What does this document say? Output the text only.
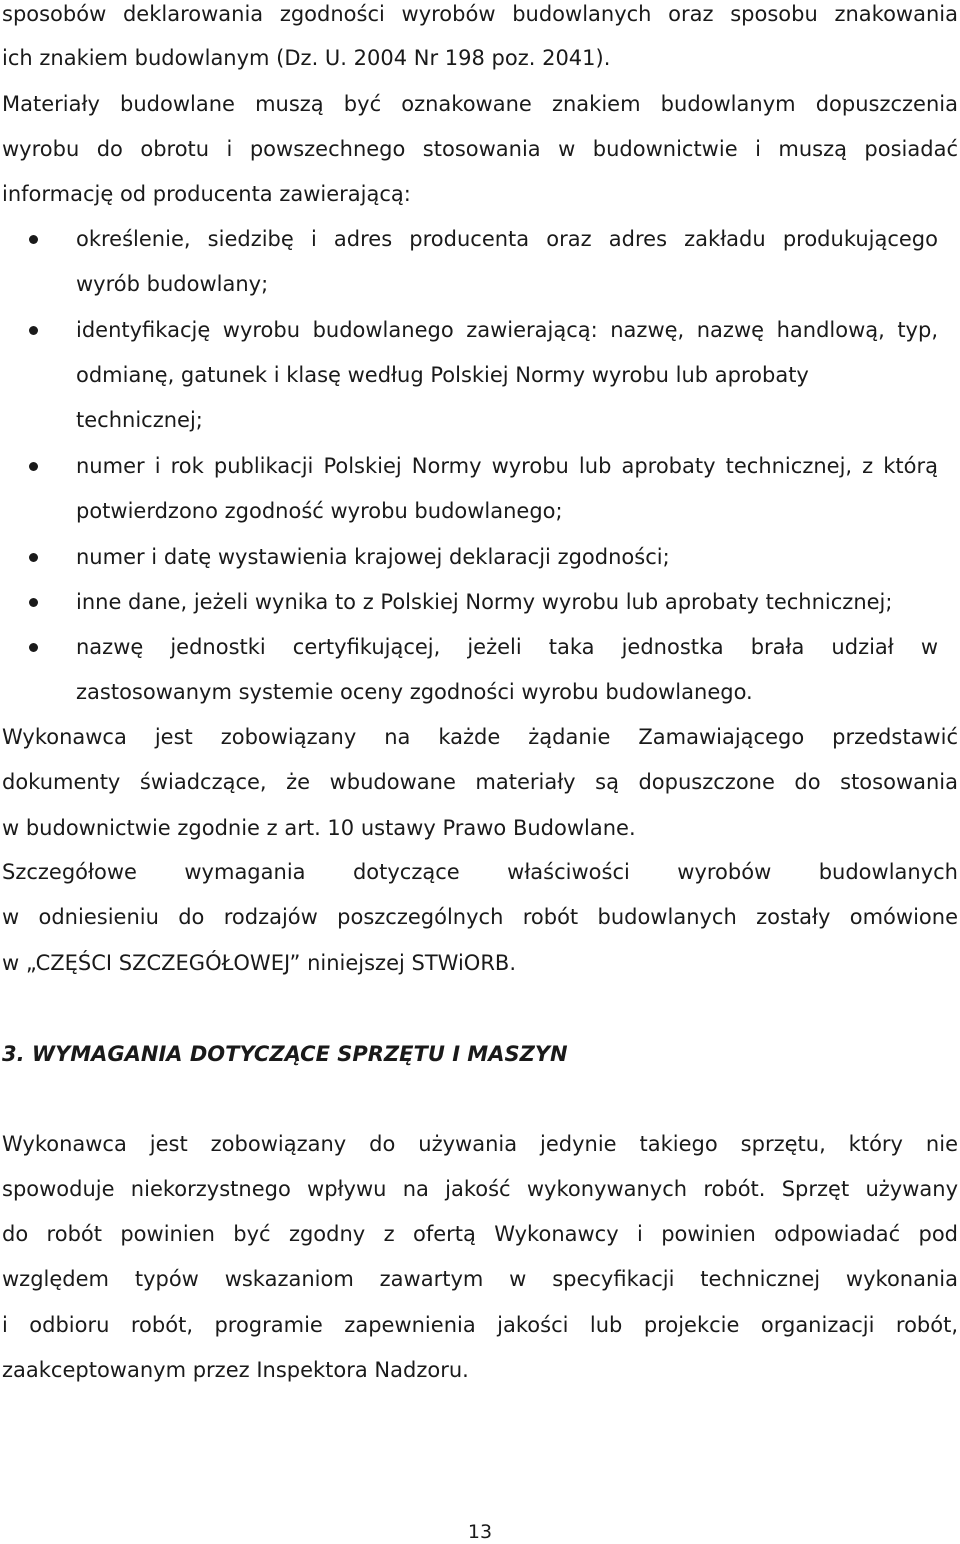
sposobów deklarowania zgodności wyrobów budowlanych oraz sposobu znakowania
ich znakiem budowlanym (Dz. U. 2004 Nr 198 poz. 2041).
Materiały budowlane muszą być oznakowane znakiem budowlanym dopuszczenia
wyrobu do obrotu i powszechnego stosowania w budownictwie i muszą posiadać
informację od producenta zawierającą:
określenie, siedzibę i adres producenta oraz adres zakładu produkującego
wyrób budowlany;
identyfikację wyrobu budowlanego zawierającą: nazwę, nazwę handlową, typ,
odmianę, gatunek i klasę według Polskiej Normy wyrobu lub aprobaty
technicznej;
numer i rok publikacji Polskiej Normy wyrobu lub aprobaty technicznej, z którą
potwierdzono zgodność wyrobu budowlanego;
numer i datę wystawienia krajowej deklaracji zgodności;
inne dane, jeżeli wynika to z Polskiej Normy wyrobu lub aprobaty technicznej;
nazwę jednostki certyfikującej, jeżeli taka jednostka brała udział w
zastosowanym systemie oceny zgodności wyrobu budowlanego.
Wykonawca jest zobowiązany na każde żądanie Zamawiającego przedstawić
dokumenty świadczące, że wbudowane materiały są dopuszczone do stosowania
w budownictwie zgodnie z art. 10 ustawy Prawo Budowlane.
Szczegółowe wymagania dotyczące właściwości wyrobów budowlanych
w odniesieniu do rodzajów poszczególnych robót budowlanych zostały omówione
w „CZĘŚCI SZCZEGÓŁOWEJ” niniejszej STWiORB.
3. WYMAGANIA DOTYCZĄCE SPRZĘTU I MASZYN
Wykonawca jest zobowiązany do używania jedynie takiego sprzętu, który nie
spowoduje niekorzystnego wpływu na jakość wykonywanych robót. Sprzęt używany
do robót powinien być zgodny z ofertą Wykonawcy i powinien odpowiadać pod
względem typów wskazaniom zawartym w specyfikacji technicznej wykonania
i odbioru robót, programie zapewnienia jakości lub projekcie organizacji robót,
zaakceptowanym przez Inspektora Nadzoru.
13
